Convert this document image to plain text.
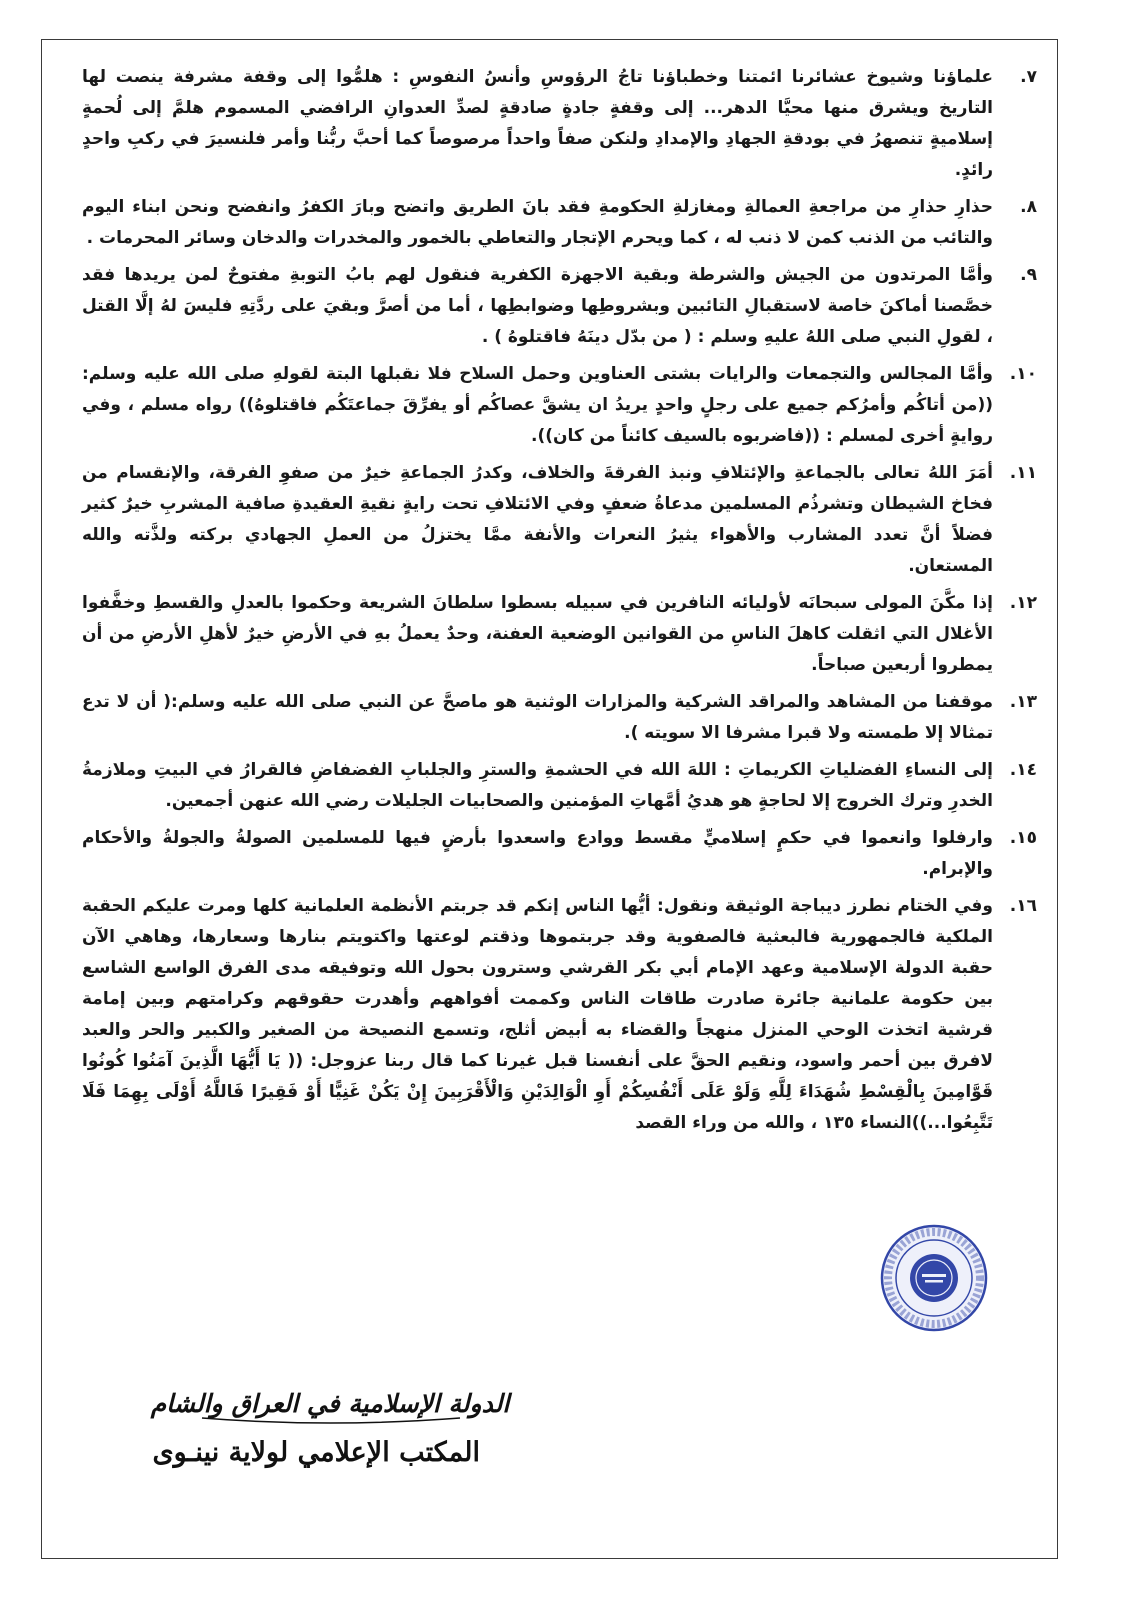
٧.
علماؤنا وشيوخ عشائرنا ائمتنا وخطباؤنا تاجُ الرؤوسِ وأنسُ النفوسِ : هلمُّوا إلى وقفة مشرفة ينصت لها التاريخ ويشرق منها محيَّا الدهر... إلى وقفةٍ جادةٍ صادقةٍ لصدِّ العدوانِ الرافضي المسموم هلمَّ إلى لُحمةٍ إسلاميةٍ تنصهرُ في بودقةِ الجهادِ والإمدادِ ولنكن صفاً واحداً مرصوصاً كما أحبَّ ربُّنا وأمر فلنسيرَ في ركبِ واحدٍ رائدٍ.
٨.
حذارِ حذارِ من مراجعةِ العمالةِ ومغازلةِ الحكومةِ فقد بانَ الطريق واتضح وبارَ الكفرُ وانفضح ونحن ابناء اليوم والتائب من الذنب كمن لا ذنب له ، كما ويحرم الإتجار والتعاطي بالخمور والمخدرات والدخان وسائر المحرمات .
٩.
وأمَّا المرتدون من الجيش والشرطة وبقية الاجهزة الكفرية فنقول لهم بابُ التوبةِ مفتوحٌ لمن يريدها فقد خصَّصنا أماكنَ خاصة لاستقبالِ التائبين وبشروطِها وضوابطِها ، أما من أصرَّ وبقيَ على ردَّتِهِ فليسَ لهُ إلَّا القتل ، لقولِ النبي صلى اللهُ عليهِ وسلم : ( من بدّل دينَهُ فاقتلوهُ ) .
١٠.
وأمَّا المجالس والتجمعات والرايات بشتى العناوين وحمل السلاح فلا نقبلها البتة لقولهِ صلى الله عليه وسلم: ((من أتاكُم وأمرُكم جميع على رجلٍ واحدٍ يريدُ ان يشقَّ عصاكُم أو يفرِّقَ جماعتَكُم فاقتلوهُ)) رواه مسلم ، وفي روايةٍ أخرى لمسلم : ((فاضربوه بالسيف كائناً من كان)).
١١.
أمَرَ اللهُ تعالى بالجماعةِ والإئتلافِ ونبذ الفرقةَ والخلاف، وكدرُ الجماعةِ خيرٌ من صفوِ الفرقة، والإنقسام من فخاخ الشيطان وتشرذُم المسلمين مدعاةُ ضعفٍ وفي الائتلافِ تحت رايةٍ نقيةِ العقيدةِ صافية المشربِ خيرٌ كثير فضلاً أنَّ تعدد المشارب والأهواء يثيرُ النعرات والأنفة ممَّا يختزلُ من العملِ الجهادي بركته ولذَّته والله المستعان.
١٢.
إذا مكَّنَ المولى سبحانَه لأوليائه النافرين في سبيله بسطوا سلطانَ الشريعة وحكموا بالعدلِ والقسطِ وخفَّفوا الأغلال التي اثقلت كاهلَ الناسِ من القوانين الوضعية العفنة، وحدٌ يعملُ بهِ في الأرضِ خيرٌ لأهلِ الأرضِ من أن يمطروا أربعين صباحاً.
١٣.
موقفنا من المشاهد والمراقد الشركية والمزارات الوثنية هو ماصحَّ عن النبي صلى الله عليه وسلم:( أن لا تدع تمثالا إلا طمسته ولا قبرا مشرفا الا سويته ).
١٤.
إلى النساءِ الفضلياتِ الكريماتِ : اللهَ الله في الحشمةِ والسترِ والجلبابِ الفضفاضِ فالقرارُ في البيتِ وملازمةُ الخدرِ وترك الخروج إلا لحاجةٍ هو هديُ أمَّهاتِ المؤمنين والصحابيات الجليلات رضي الله عنهن أجمعين.
١٥.
وارفلوا وانعموا في حكمٍ إسلاميٍّ مقسط ووادع واسعدوا بأرضٍ فيها للمسلمين الصولةُ والجولةُ والأحكام والإبرام.
١٦.
وفي الختام نطرز ديباجة الوثيقة ونقول: أيُّها الناس إنكم قد جربتم الأنظمة العلمانية كلها ومرت عليكم الحقبة الملكية فالجمهورية فالبعثية فالصفوية وقد جربتموها وذقتم لوعتها واكتويتم بنارها وسعارها، وهاهي الآن حقبة الدولة الإسلامية وعهد الإمام أبي بكر القرشي وسترون بحول الله وتوفيقه مدى الفرق الواسع الشاسع بين حكومة علمانية جائرة صادرت طاقات الناس وكممت أفواههم وأهدرت حقوقهم وكرامتهم وبين إمامة قرشية اتخذت الوحي المنزل منهجاً والقضاء به أبيض أثلج، وتسمع النصيحة من الصغير والكبير والحر والعبد لافرق بين أحمر واسود، ونقيم الحقَّ على أنفسنا قبل غيرنا كما قال ربنا عزوجل: (( يَا أَيُّهَا الَّذِينَ آمَنُوا كُونُوا قَوَّامِينَ بِالْقِسْطِ شُهَدَاءَ لِلَّهِ وَلَوْ عَلَى أَنْفُسِكُمْ أَوِ الْوَالِدَيْنِ وَالْأَقْرَبِينَ إِنْ يَكُنْ غَنِيًّا أَوْ فَقِيرًا فَاللَّهُ أَوْلَى بِهِمَا فَلَا تَتَّبِعُوا...))النساء ١٣٥ ، والله من وراء القصد
الدولة الإسلامية في العراق والشام
المكتب الإعلامي لولاية نينـوى
